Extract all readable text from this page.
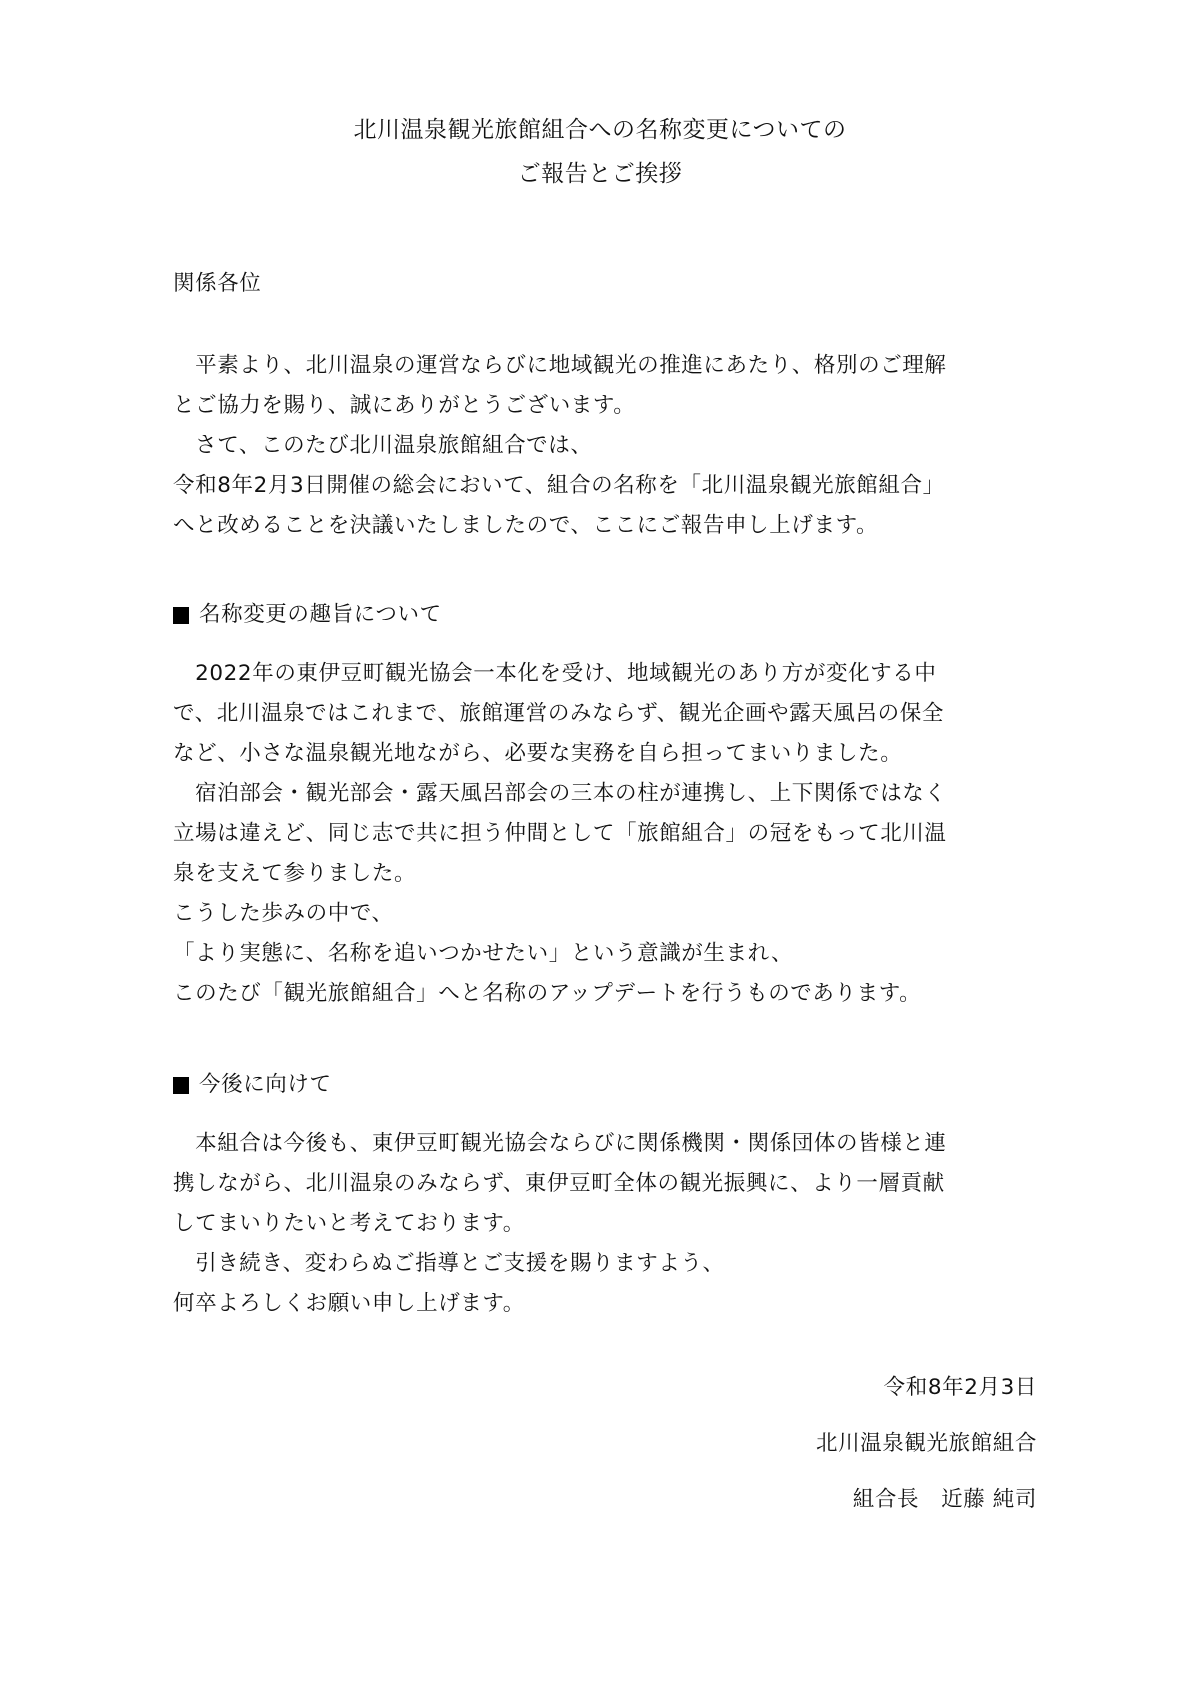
北川温泉観光旅館組合への名称変更についての
ご報告とご挨拶
関係各位
　平素より、北川温泉の運営ならびに地域観光の推進にあたり、格別のご理解
とご協力を賜り、誠にありがとうございます。
　さて、このたび北川温泉旅館組合では、
令和8年2月3日開催の総会において、組合の名称を「北川温泉観光旅館組合」
へと改めることを決議いたしましたので、ここにご報告申し上げます。
名称変更の趣旨について
　2022年の東伊豆町観光協会一本化を受け、地域観光のあり方が変化する中
で、北川温泉ではこれまで、旅館運営のみならず、観光企画や露天風呂の保全
など、小さな温泉観光地ながら、必要な実務を自ら担ってまいりました。
　宿泊部会・観光部会・露天風呂部会の三本の柱が連携し、上下関係ではなく
立場は違えど、同じ志で共に担う仲間として「旅館組合」の冠をもって北川温
泉を支えて参りました。
こうした歩みの中で、
「より実態に、名称を追いつかせたい」という意識が生まれ、
このたび「観光旅館組合」へと名称のアップデートを行うものであります。
今後に向けて
　本組合は今後も、東伊豆町観光協会ならびに関係機関・関係団体の皆様と連
携しながら、北川温泉のみならず、東伊豆町全体の観光振興に、より一層貢献
してまいりたいと考えております。
　引き続き、変わらぬご指導とご支援を賜りますよう、
何卒よろしくお願い申し上げます。
令和8年2月3日
北川温泉観光旅館組合
組合長　近藤 純司
